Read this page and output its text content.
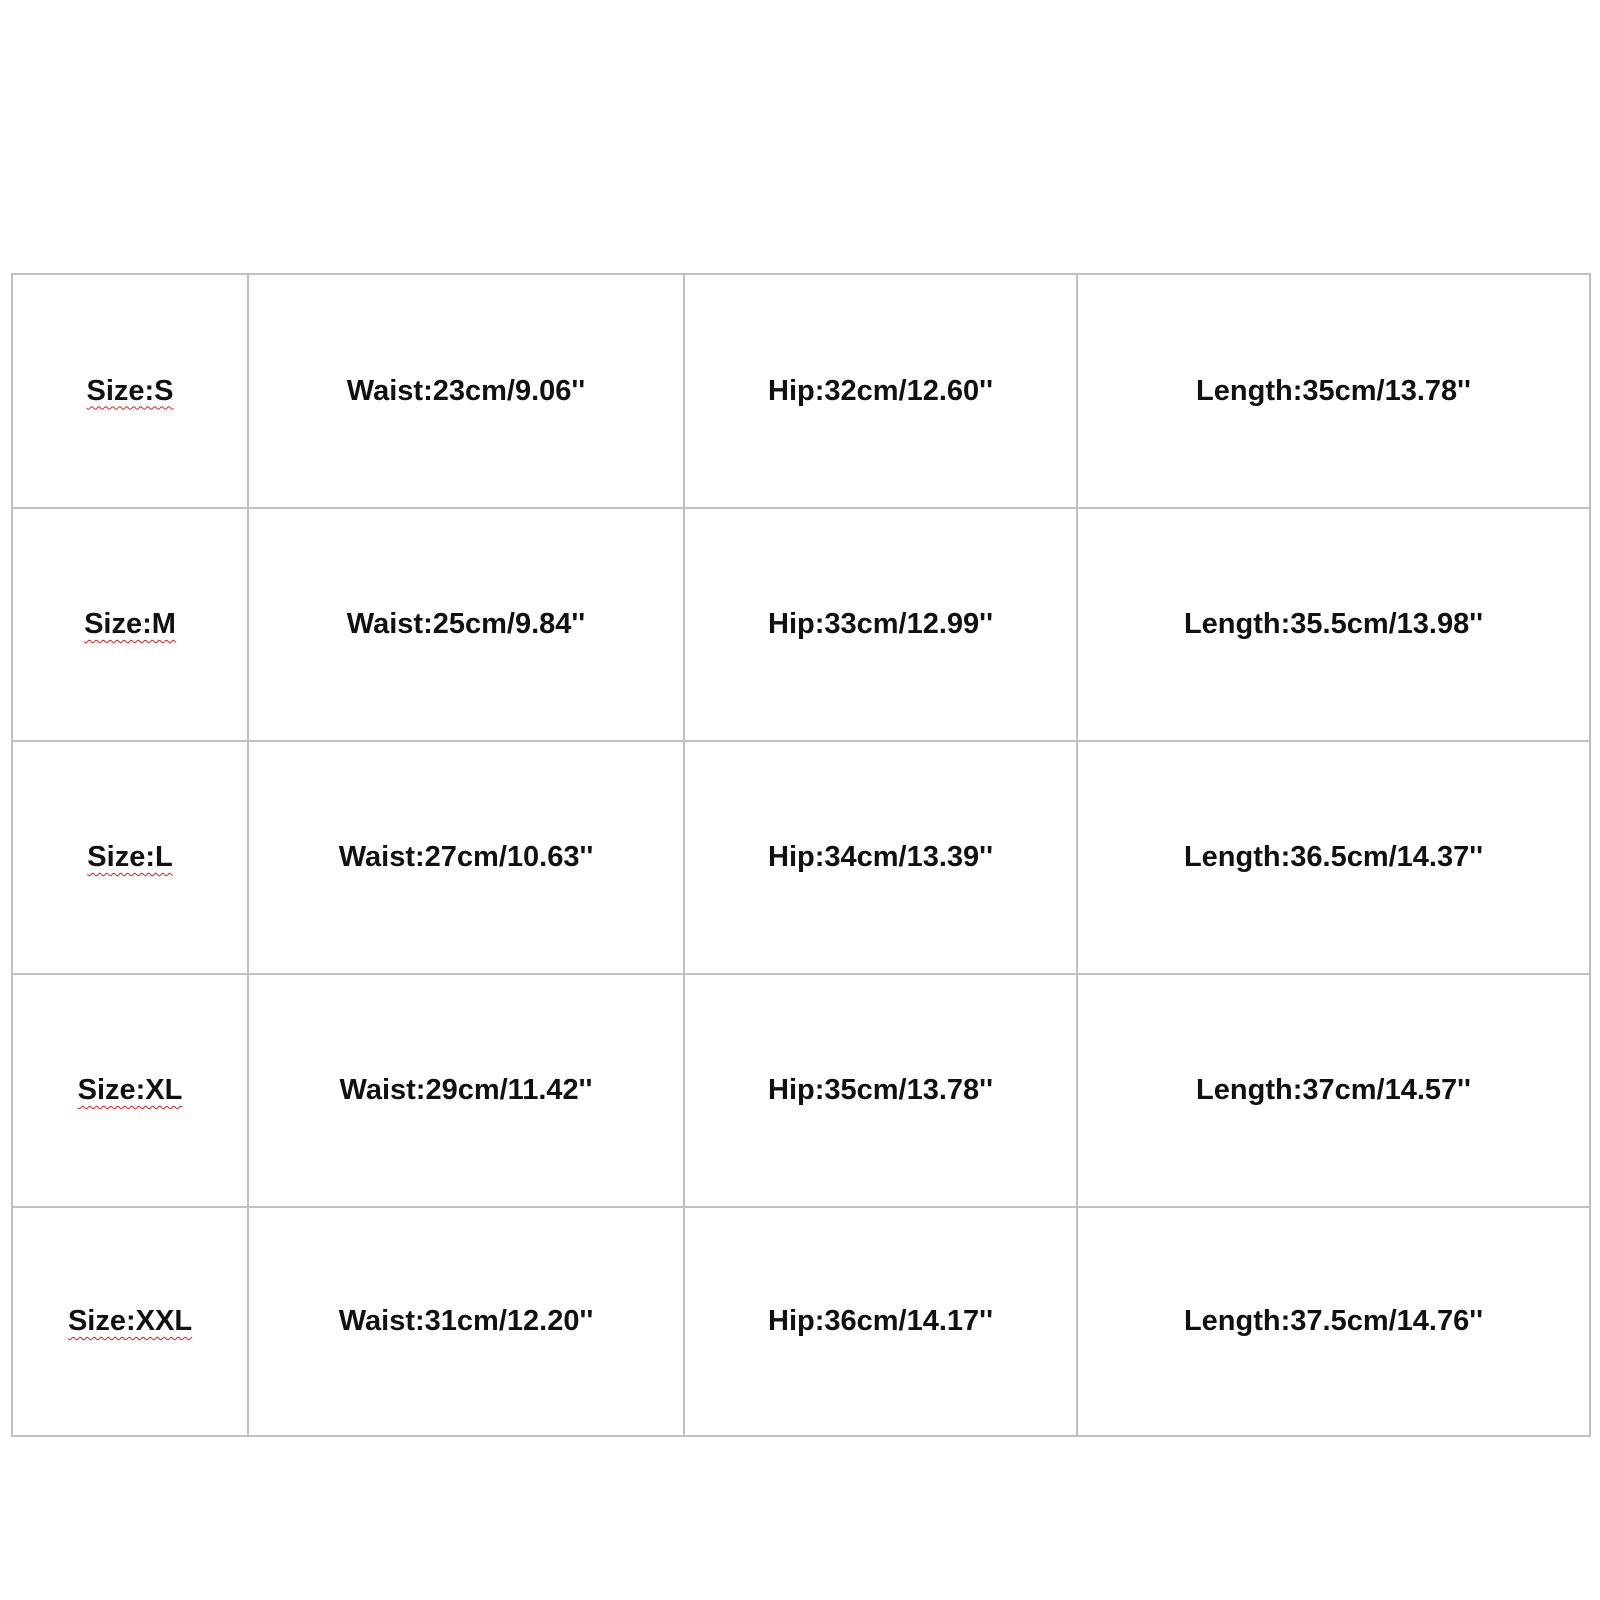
Size:S	Waist:23cm/9.06''	Hip:32cm/12.60''	Length:35cm/13.78''
Size:M	Waist:25cm/9.84''	Hip:33cm/12.99''	Length:35.5cm/13.98''
Size:L	Waist:27cm/10.63''	Hip:34cm/13.39''	Length:36.5cm/14.37''
Size:XL	Waist:29cm/11.42''	Hip:35cm/13.78''	Length:37cm/14.57''
Size:XXL	Waist:31cm/12.20''	Hip:36cm/14.17''	Length:37.5cm/14.76''
